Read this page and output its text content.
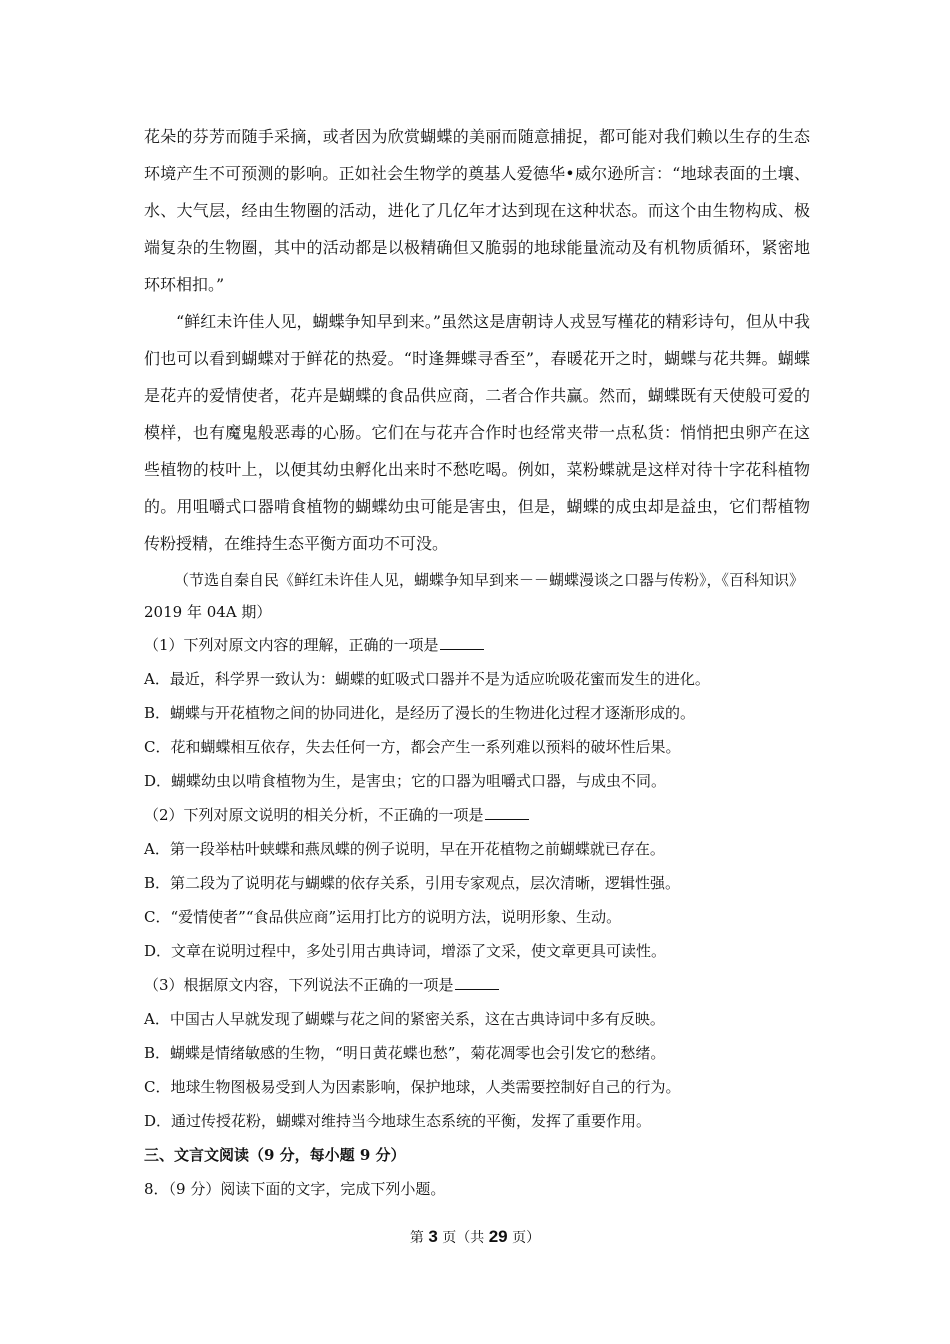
花朵的芬芳而随手采摘，或者因为欣赏蝴蝶的美丽而随意捕捉，都可能对我们赖以生存的生态环境产生不可预测的影响。正如社会生物学的奠基人爱德华•威尔逊所言：“地球表面的土壤、水、大气层，经由生物圈的活动，进化了几亿年才达到现在这种状态。而这个由生物构成、极端复杂的生物圈，其中的活动都是以极精确但又脆弱的地球能量流动及有机物质循环，紧密地环环相扣。”

“鲜红未许佳人见，蝴蝶争知早到来。”虽然这是唐朝诗人戎昱写槿花的精彩诗句，但从中我们也可以看到蝴蝶对于鲜花的热爱。“时逢舞蝶寻香至”，春暖花开之时，蝴蝶与花共舞。蝴蝶是花卉的爱情使者，花卉是蝴蝶的食品供应商，二者合作共赢。然而，蝴蝶既有天使般可爱的模样，也有魔鬼般恶毒的心肠。它们在与花卉合作时也经常夹带一点私货：悄悄把虫卵产在这些植物的枝叶上，以便其幼虫孵化出来时不愁吃喝。例如，菜粉蝶就是这样对待十字花科植物的。用咀嚼式口器啃食植物的蝴蝶幼虫可能是害虫，但是，蝴蝶的成虫却是益虫，它们帮植物传粉授精，在维持生态平衡方面功不可没。

（节选自秦自民《鲜红未许佳人见，蝴蝶争知早到来－－蝴蝶漫谈之口器与传粉》，《百科知识》2019 年 04A 期）

（1）下列对原文内容的理解，正确的一项是

A．最近，科学界一致认为：蝴蝶的虹吸式口器并不是为适应吮吸花蜜而发生的进化。

B．蝴蝶与开花植物之间的协同进化，是经历了漫长的生物进化过程才逐渐形成的。

C．花和蝴蝶相互依存，失去任何一方，都会产生一系列难以预料的破坏性后果。

D．蝴蝶幼虫以啃食植物为生，是害虫；它的口器为咀嚼式口器，与成虫不同。

（2）下列对原文说明的相关分析，不正确的一项是

A．第一段举枯叶蛱蝶和燕凤蝶的例子说明，早在开花植物之前蝴蝶就已存在。

B．第二段为了说明花与蝴蝶的依存关系，引用专家观点，层次清晰，逻辑性强。

C．“爱情使者”“食品供应商”运用打比方的说明方法，说明形象、生动。

D．文章在说明过程中，多处引用古典诗词，增添了文采，使文章更具可读性。

（3）根据原文内容，下列说法不正确的一项是

A．中国古人早就发现了蝴蝶与花之间的紧密关系，这在古典诗词中多有反映。

B．蝴蝶是情绪敏感的生物，“明日黄花蝶也愁”，菊花凋零也会引发它的愁绪。

C．地球生物图极易受到人为因素影响，保护地球，人类需要控制好自己的行为。

D．通过传授花粉，蝴蝶对维持当今地球生态系统的平衡，发挥了重要作用。

三、文言文阅读（9 分，每小题 9 分）

8．（9 分）阅读下面的文字，完成下列小题。

第 3 页（共 29 页）
